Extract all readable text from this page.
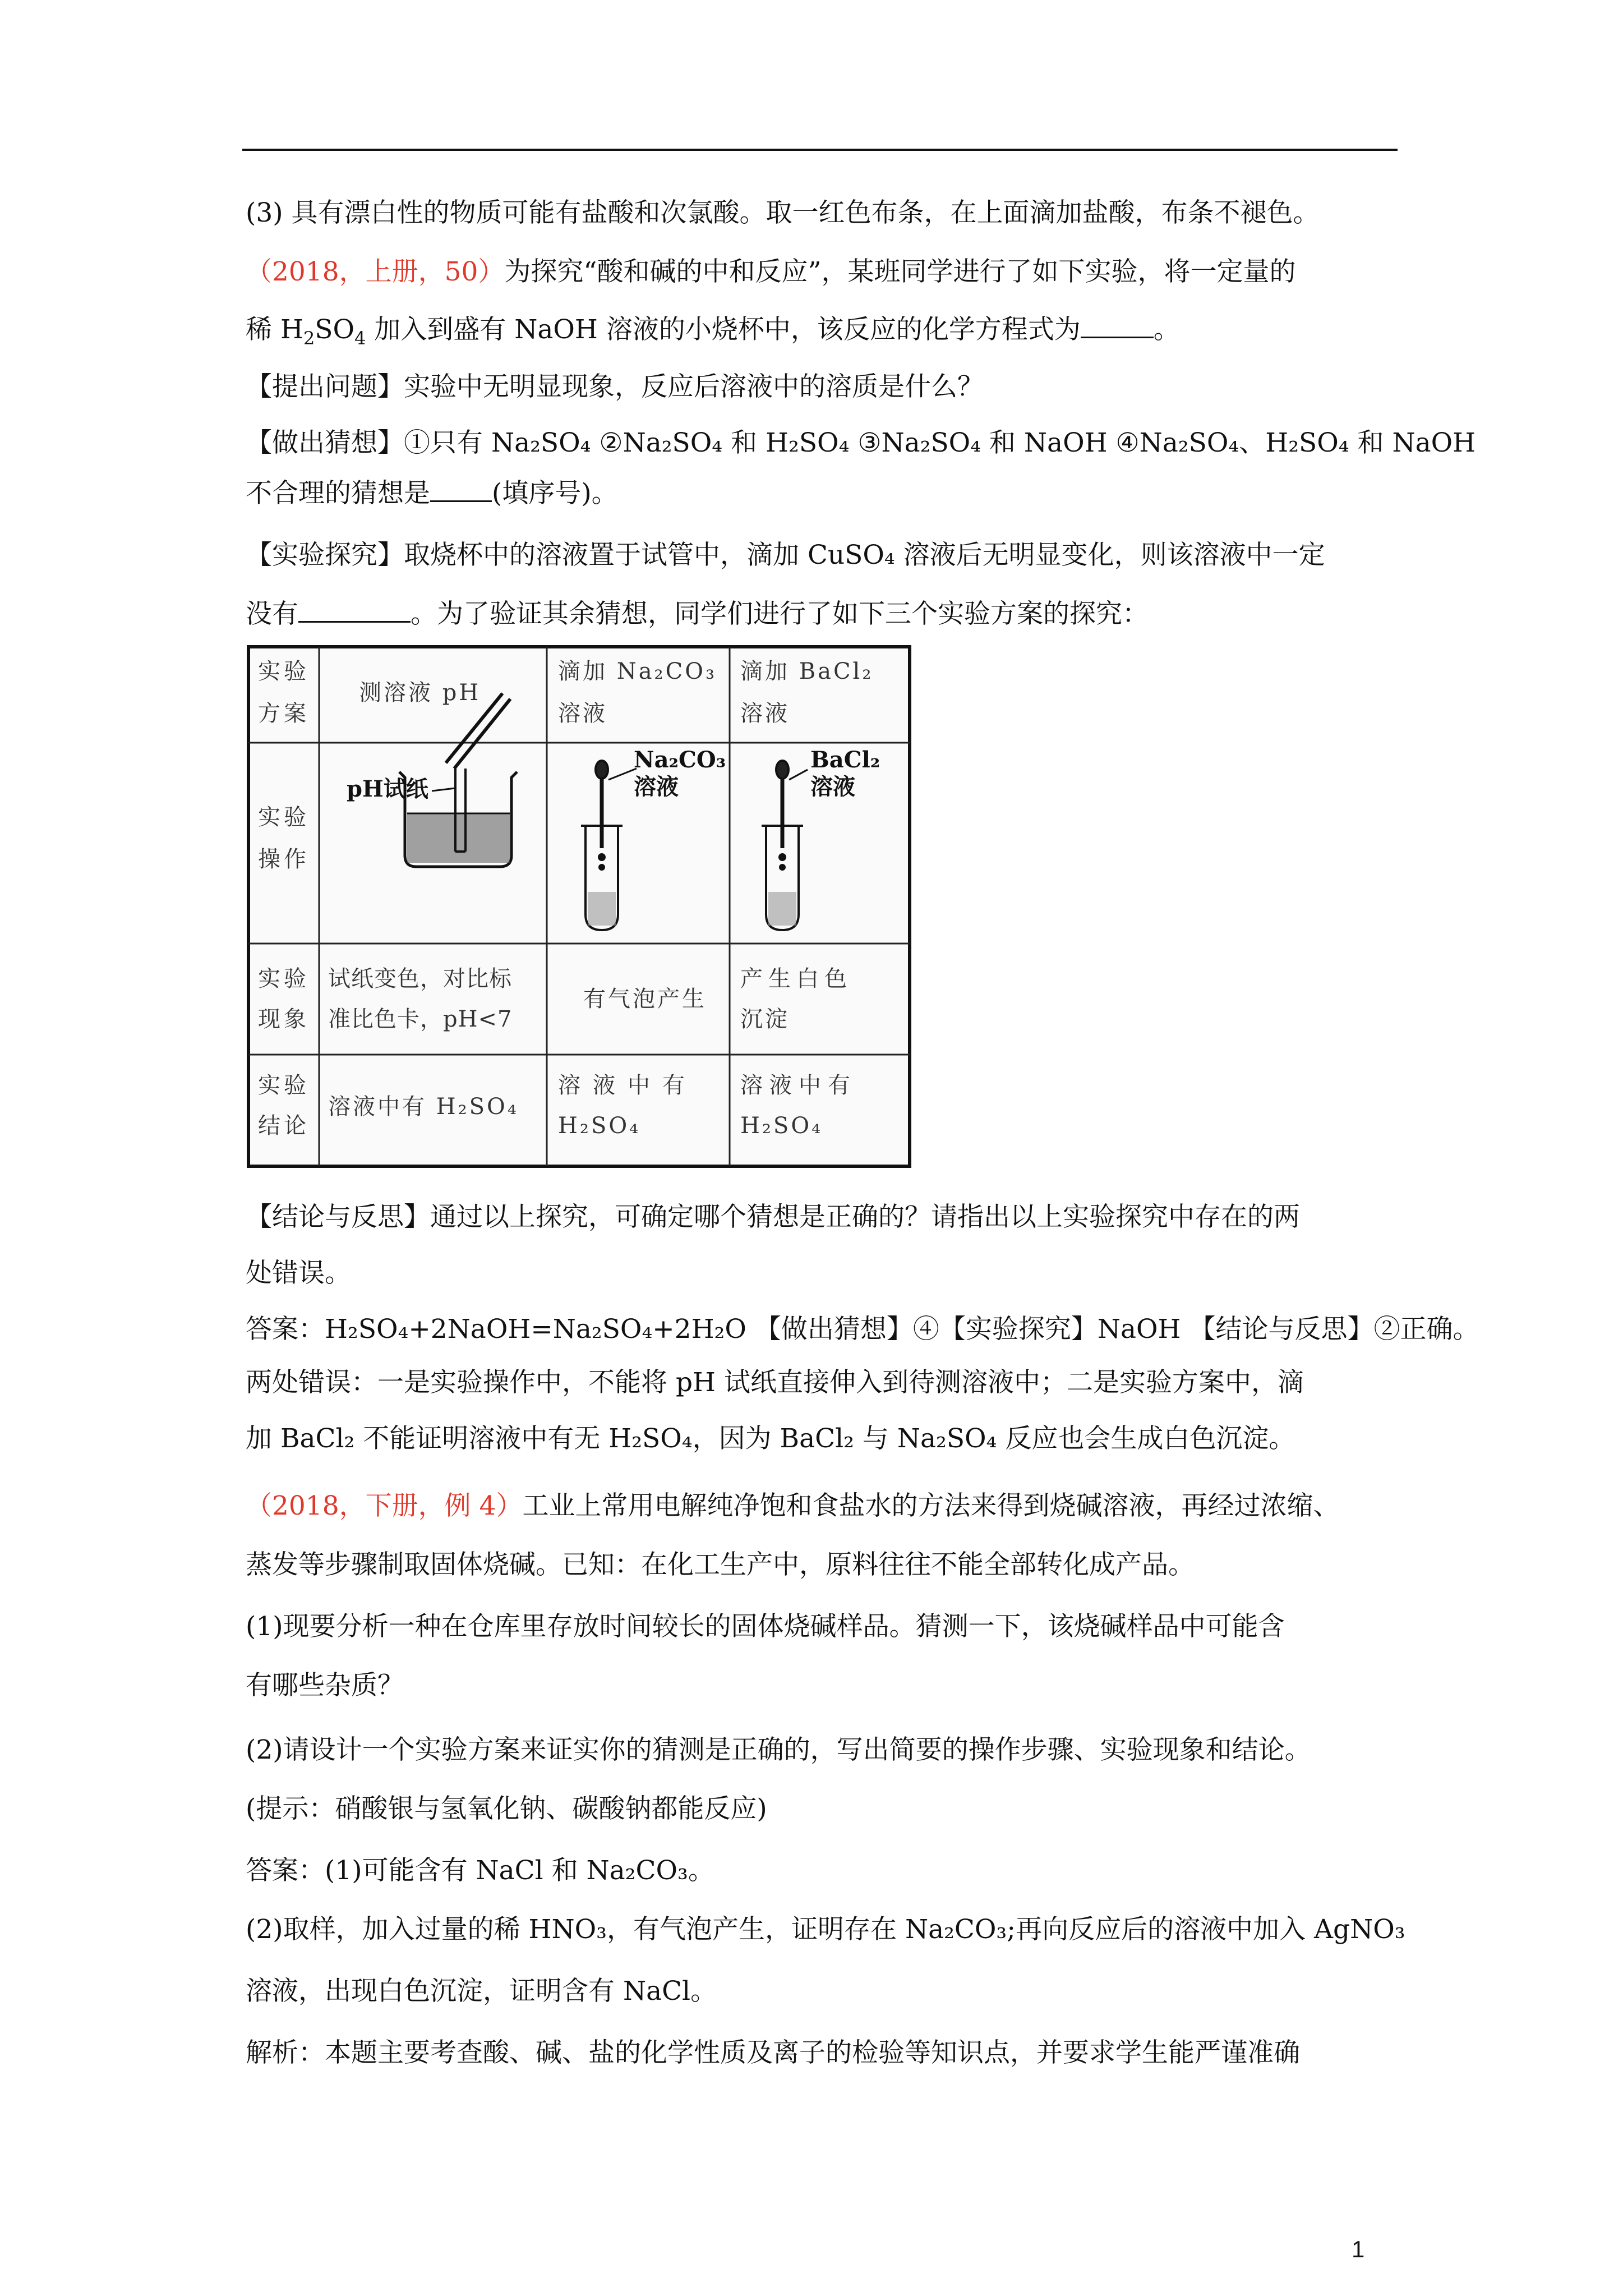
(3) 具有漂白性的物质可能有盐酸和次氯酸。取一红色布条，在上面滴加盐酸，布条不褪色。
（2018，上册，50）为探究“酸和碱的中和反应”，某班同学进行了如下实验，将一定量的
稀 $H_2SO_4$ 加入到盛有 NaOH 溶液的小烧杯中，该反应的化学方程式为	。
【提出问题】实验中无明显现象，反应后溶液中的溶质是什么？
【做出猜想】①只有 Na₂SO₄ ②Na₂SO₄ 和 H₂SO₄ ③Na₂SO₄ 和 NaOH ④Na₂SO₄、H₂SO₄ 和 NaOH
不合理的猜想是 (填序号)。
【实验探究】取烧杯中的溶液置于试管中，滴加 CuSO₄ 溶液后无明显变化，则该溶液中一定
没有	。为了验证其余猜想，同学们进行了如下三个实验方案的探究：
实验
方案
测溶液 pH
滴加 Na₂CO₃
溶液
滴加 BaCl₂
溶液
实验
操作
pH试纸
Na₂CO₃
溶液
BaCl₂
溶液
实验
现象
试纸变色，对比标
准比色卡，pH<7
有气泡产生
产生白色
沉淀
实验
结论
溶液中有 H₂SO₄
溶液中有
H₂SO₄
溶液中有
H₂SO₄
【结论与反思】通过以上探究，可确定哪个猜想是正确的？请指出以上实验探究中存在的两
处错误。
答案：H₂SO₄+2NaOH=Na₂SO₄+2H₂O 【做出猜想】④【实验探究】NaOH 【结论与反思】②正确。
两处错误：一是实验操作中，不能将 pH 试纸直接伸入到待测溶液中；二是实验方案中，滴
加 BaCl₂ 不能证明溶液中有无 H₂SO₄，因为 BaCl₂ 与 Na₂SO₄ 反应也会生成白色沉淀。
（2018，下册，例 4）工业上常用电解纯净饱和食盐水的方法来得到烧碱溶液，再经过浓缩、
蒸发等步骤制取固体烧碱。已知：在化工生产中，原料往往不能全部转化成产品。
(1)现要分析一种在仓库里存放时间较长的固体烧碱样品。猜测一下，该烧碱样品中可能含
有哪些杂质？
(2)请设计一个实验方案来证实你的猜测是正确的，写出简要的操作步骤、实验现象和结论。
(提示：硝酸银与氢氧化钠、碳酸钠都能反应)
答案：(1)可能含有 NaCl 和 Na₂CO₃。
(2)取样，加入过量的稀 HNO₃，有气泡产生，证明存在 Na₂CO₃;再向反应后的溶液中加入 AgNO₃
溶液，出现白色沉淀，证明含有 NaCl。
解析：本题主要考查酸、碱、盐的化学性质及离子的检验等知识点，并要求学生能严谨准确
1
